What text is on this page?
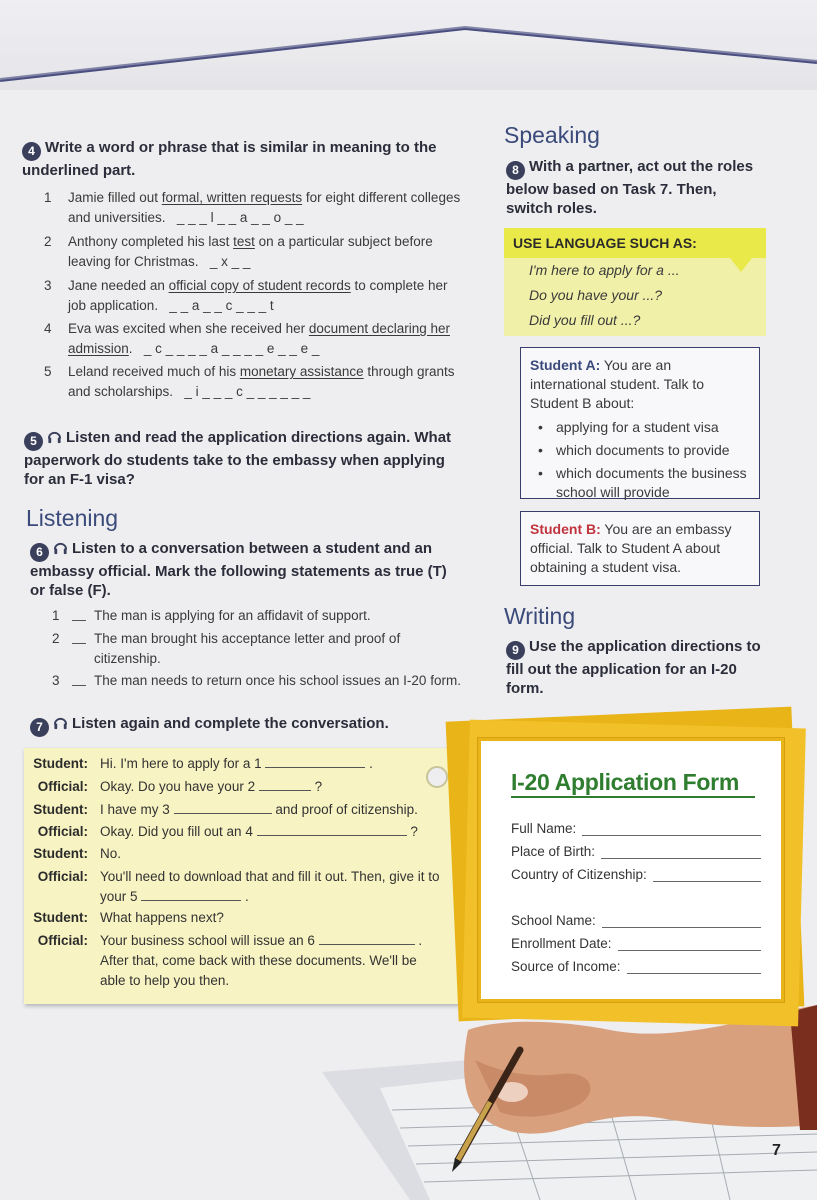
4 Write a word or phrase that is similar in meaning to the underlined part.
1	Jamie filled out formal, written requests for eight different colleges and universities. _ _ _ l _ _ a _ _ o _ _
2	Anthony completed his last test on a particular subject before leaving for Christmas. _ x _ _
3	Jane needed an official copy of student records to complete her job application. _ _ a _ _ c _ _ _ t
4	Eva was excited when she received her document declaring her admission. _ c _ _ _ _ a _ _ _ _ e _ _ e _
5	Leland received much of his monetary assistance through grants and scholarships. _ i _ _ _ c _ _ _ _ _ _
5 Listen and read the application directions again. What paperwork do students take to the embassy when applying for an F-1 visa?
Listening
6 Listen to a conversation between a student and an embassy official. Mark the following statements as true (T) or false (F).
1	The man is applying for an affidavit of support.
2	The man brought his acceptance letter and proof of citizenship.
3	The man needs to return once his school issues an I-20 form.
7 Listen again and complete the conversation.
Speaking
8 With a partner, act out the roles below based on Task 7. Then, switch roles.
USE LANGUAGE SUCH AS:
I'm here to apply for a ...
Do you have your ...?
Did you fill out ...?
Student A: You are an international student. Talk to Student B about:
• applying for a student visa
• which documents to provide
• which documents the business school will provide
Student B: You are an embassy official. Talk to Student A about obtaining a student visa.
Writing
9 Use the application directions to fill out the application for an I-20 form.
Student: Hi. I'm here to apply for a 1	.
Official: Okay. Do you have your 2	?
Student: I have my 3	and proof of citizenship.
Official: Okay. Did you fill out an 4	?
Student: No.
Official: You'll need to download that and fill it out. Then, give it to
your 5	.
Student: What happens next?
Official: Your business school will issue an 6	.
After that, come back with these documents. We'll be
able to help you then.
I-20 Application Form
Full Name:
Place of Birth:
Country of Citizenship:
School Name:
Enrollment Date:
Source of Income:
7
